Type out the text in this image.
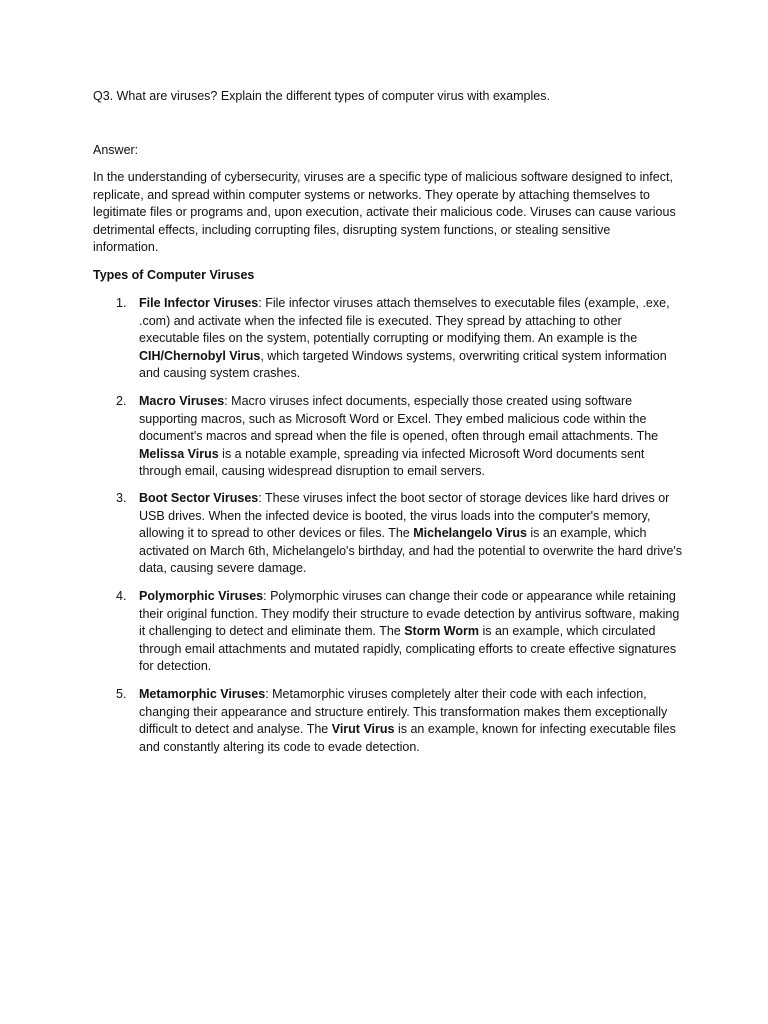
Q3. What are viruses? Explain the different types of computer virus with examples.
Answer:

In the understanding of cybersecurity, viruses are a specific type of malicious software designed to infect, replicate, and spread within computer systems or networks. They operate by attaching themselves to legitimate files or programs and, upon execution, activate their malicious code. Viruses can cause various detrimental effects, including corrupting files, disrupting system functions, or stealing sensitive information.

Types of Computer Viruses
1.	File Infector Viruses: File infector viruses attach themselves to executable files (example, .exe, .com) and activate when the infected file is executed. They spread by attaching to other executable files on the system, potentially corrupting or modifying them. An example is the CIH/Chernobyl Virus, which targeted Windows systems, overwriting critical system information and causing system crashes.

2.	Macro Viruses: Macro viruses infect documents, especially those created using software supporting macros, such as Microsoft Word or Excel. They embed malicious code within the document's macros and spread when the file is opened, often through email attachments. The Melissa Virus is a notable example, spreading via infected Microsoft Word documents sent through email, causing widespread disruption to email servers.

3.	Boot Sector Viruses: These viruses infect the boot sector of storage devices like hard drives or USB drives. When the infected device is booted, the virus loads into the computer's memory, allowing it to spread to other devices or files. The Michelangelo Virus is an example, which activated on March 6th, Michelangelo's birthday, and had the potential to overwrite the hard drive's data, causing severe damage.

4.	Polymorphic Viruses: Polymorphic viruses can change their code or appearance while retaining their original function. They modify their structure to evade detection by antivirus software, making it challenging to detect and eliminate them. The Storm Worm is an example, which circulated through email attachments and mutated rapidly, complicating efforts to create effective signatures for detection.

5.	Metamorphic Viruses: Metamorphic viruses completely alter their code with each infection, changing their appearance and structure entirely. This transformation makes them exceptionally difficult to detect and analyse. The Virut Virus is an example, known for infecting executable files and constantly altering its code to evade detection.
